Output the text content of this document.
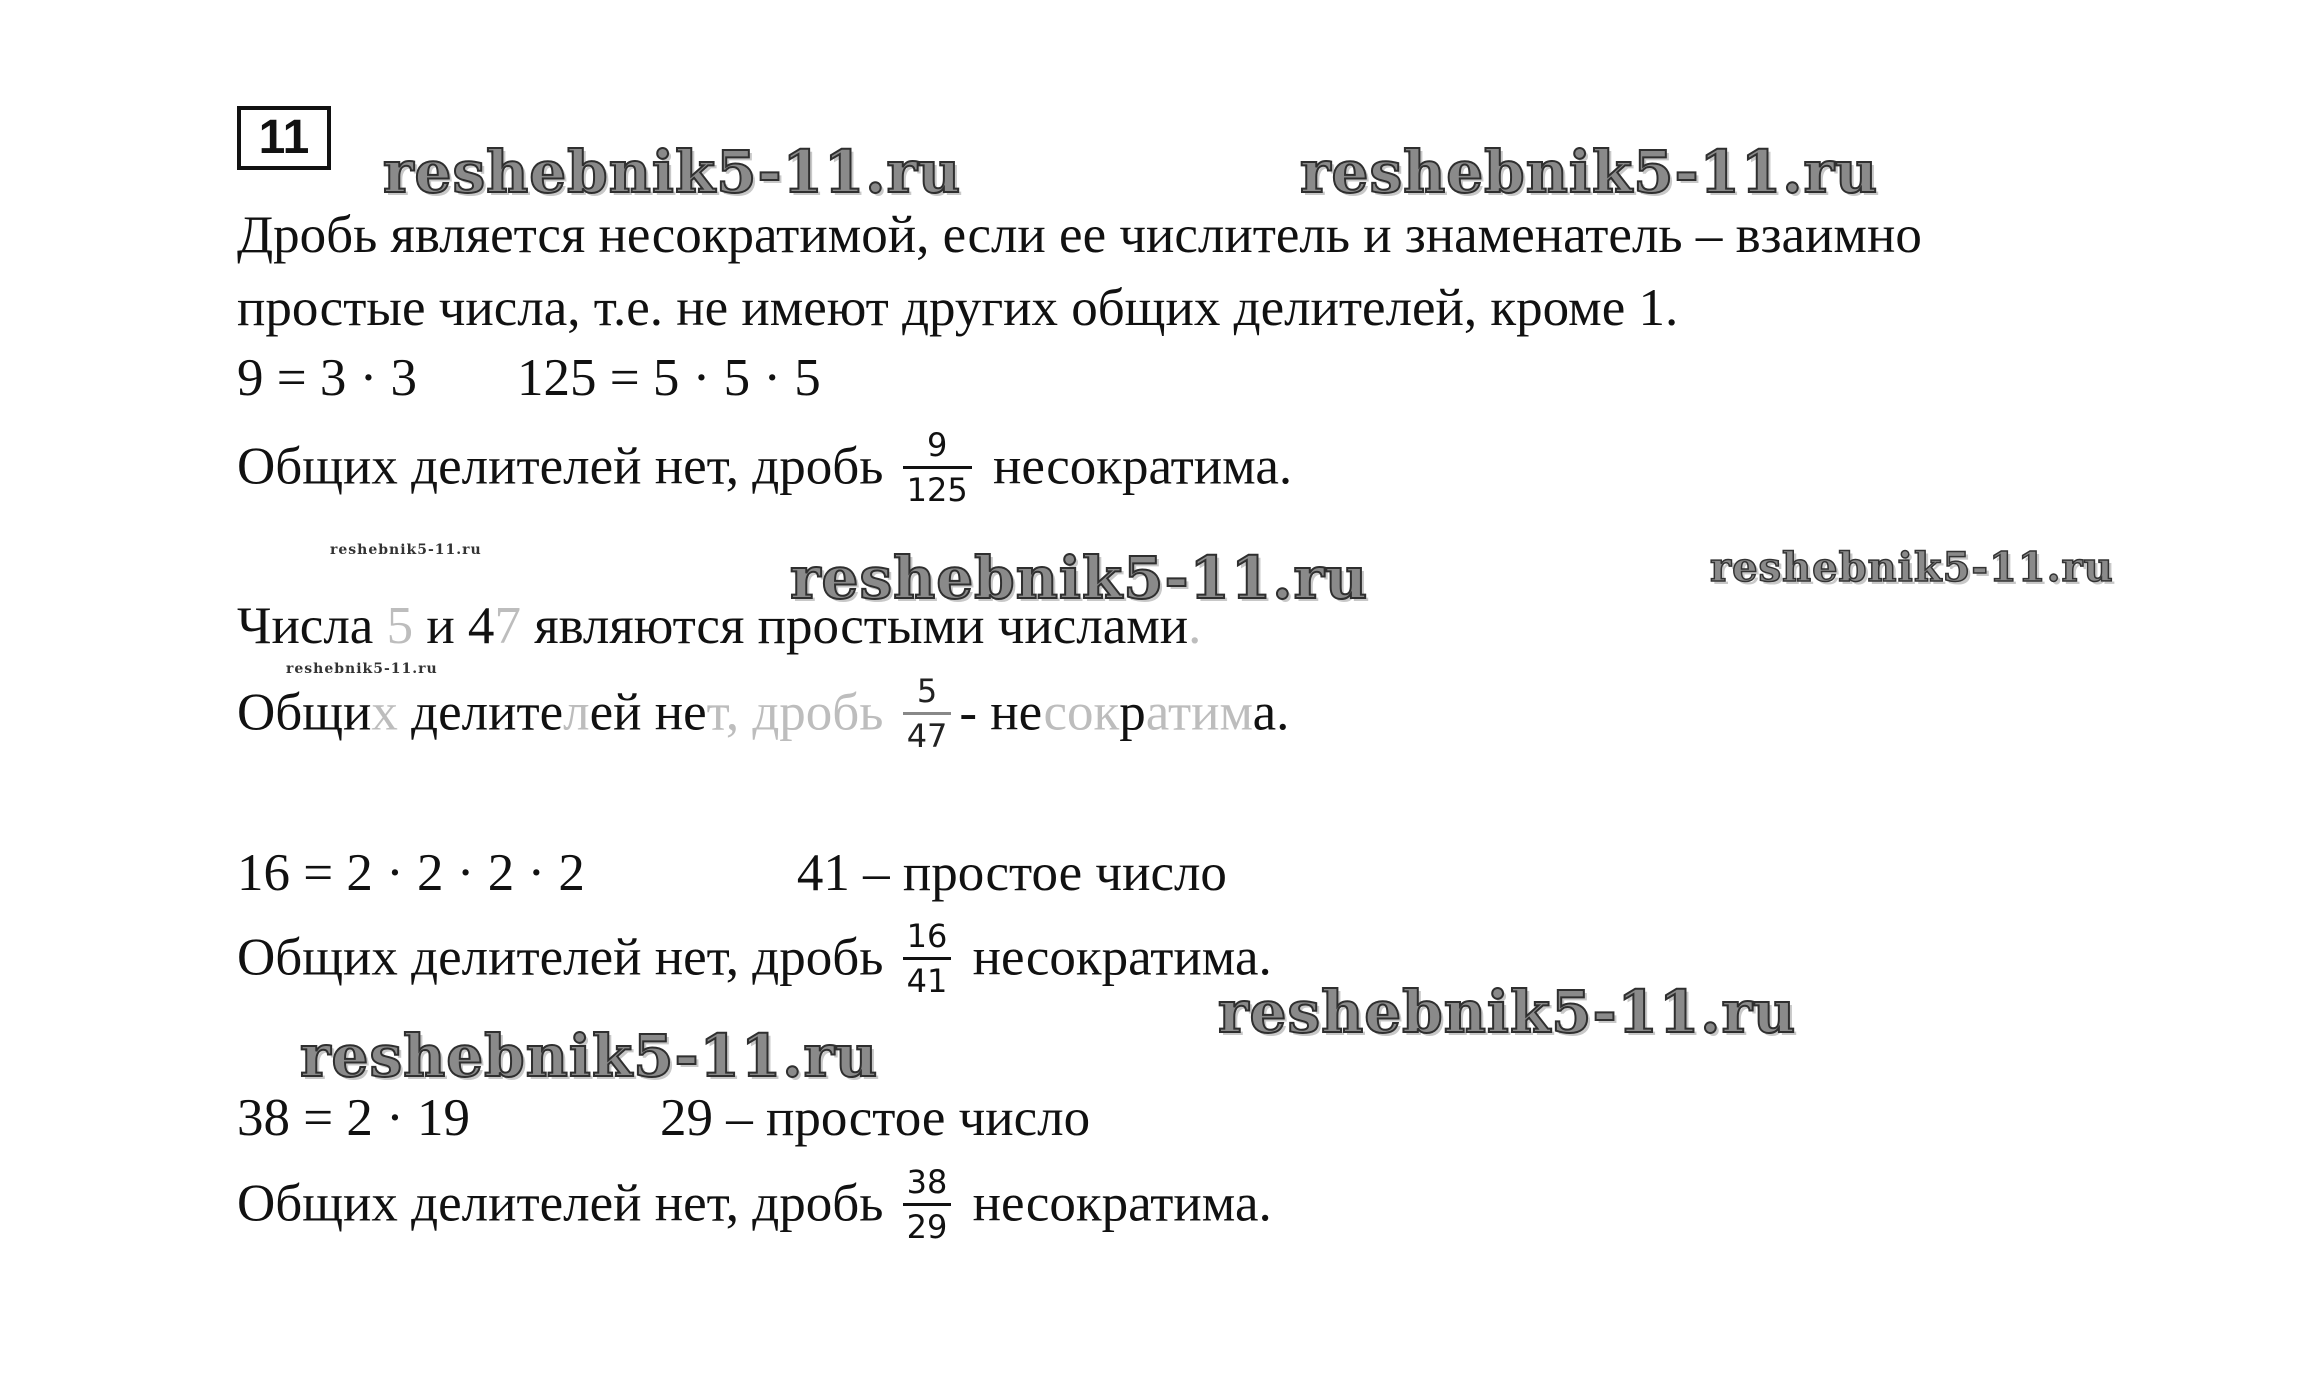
11
reshebnik5-11.ru	reshebnik5-11.ru
reshebnik5-11.ru	reshebnik5-11.ru	reshebnik5-11.ru
reshebnik5-11.ru
reshebnik5-11.ru
reshebnik5-11.ru
Дробь является несократимой, если ее числитель и знаменатель – взаимно
простые числа, т.е. не имеют других общих делителей, кроме 1.
9 = 3 · 3 125 = 5 · 5 · 5
Общих делителей нет, дробь $\frac{9}{125}$ несократима.
Числа 5 и 47 являются простыми числами.
Общих делителей нет, дробь $\frac{5}{47}$ - несократима.
16 = 2 · 2 · 2 · 2	41 – простое число
Общих делителей нет, дробь $\frac{16}{41}$ несократима.
38 = 2 · 19	29 – простое число
Общих делителей нет, дробь $\frac{38}{29}$ несократима.
